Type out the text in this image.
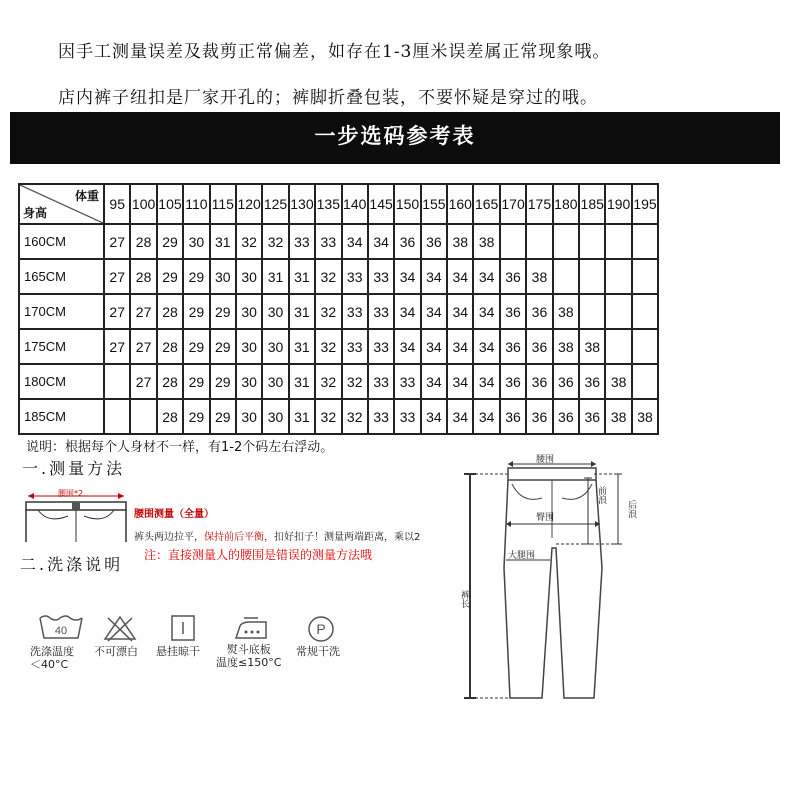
因手工测量误差及裁剪正常偏差，如存在1-3厘米误差属正常现象哦。
店内裤子纽扣是厂家开孔的；裤脚折叠包装，不要怀疑是穿过的哦。
一步选码参考表
体重
身高	95	100	105	110	115	120	125	130	135	140	145	150	155	160	165	170	175	180	185	190	195
160CM	27	28	29	30	31	32	32	33	33	34	34	36	36	38	38						
165CM	27	28	29	29	30	30	31	31	32	33	33	34	34	34	34	36	38				
170CM	27	27	28	29	29	30	30	31	32	33	33	34	34	34	34	36	36	38			
175CM	27	27	28	29	29	30	30	31	32	33	33	34	34	34	34	36	36	38	38		
180CM		27	28	29	29	30	30	31	32	32	33	33	34	34	34	36	36	36	36	38	
185CM			28	29	29	30	30	31	32	32	33	33	34	34	34	36	36	36	36	38	38
说明：根据每个人身材不一样，有1-2个码左右浮动。
一.测量方法
二.洗涤说明
腰围*2
腰围测量（全量）
裤头两边拉平，保持前后平衡，扣好扣子！测量两端距离，乘以2
注：直接测量人的腰围是错误的测量方法哦
40	P
洗涤温度
＜40°C
不可漂白 悬挂晾干	熨斗底板
温度≤150°C
常规干洗
腰围
臀围
大腿围
前浪
后浪
裤长
